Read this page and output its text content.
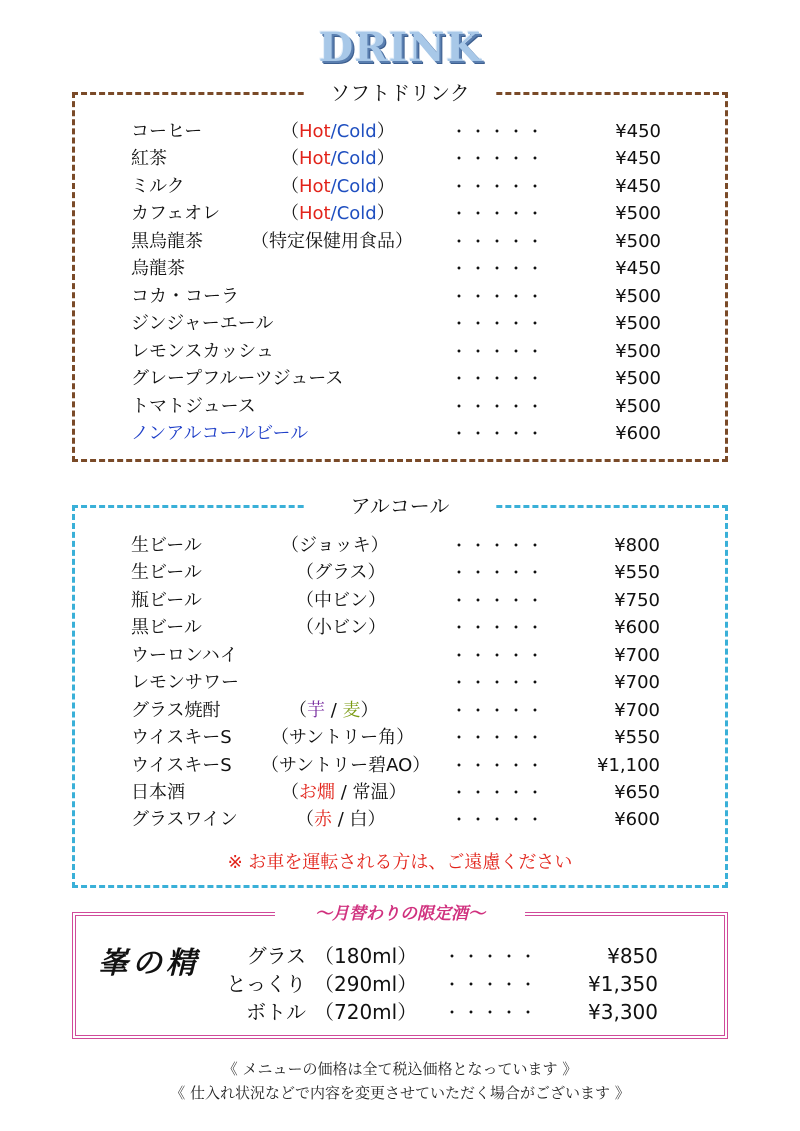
DRINK
ソフトドリンク
コーヒー	（Hot/Cold）	・・・・・	¥450
紅茶	（Hot/Cold）	・・・・・	¥450
ミルク	（Hot/Cold）	・・・・・	¥450
カフェオレ	（Hot/Cold）	・・・・・	¥500
黒烏龍茶	（特定保健用食品） ・・・・・	¥500
烏龍茶	・・・・・	¥450
コカ・コーラ	・・・・・	¥500
ジンジャーエール	・・・・・	¥500
レモンスカッシュ	・・・・・	¥500
グレープフルーツジュース	・・・・・	¥500
トマトジュース	・・・・・	¥500
ノンアルコールビール	・・・・・	¥600
アルコール
生ビール	（ジョッキ）	・・・・・	¥800
生ビール	（グラス）	・・・・・	¥550
瓶ビール	（中ビン）	・・・・・	¥750
黒ビール	（小ビン）	・・・・・	¥600
ウーロンハイ	・・・・・	¥700
レモンサワー	・・・・・	¥700
グラス焼酎	（芋 / 麦）	・・・・・	¥700
ウイスキーS （サントリー角） ・・・・・	¥550
ウイスキーS （サントリー碧AO） ・・・・・	¥1,100
日本酒	（お燗 / 常温）	・・・・・	¥650
グラスワイン	（赤 / 白）	・・・・・	¥600
※ お車を運転される方は、ご遠慮ください
〜月替わりの限定酒〜
峯の精	グラス （180ml） ・・・・・	¥850
とっくり （290ml） ・・・・・ ¥1,350
ボトル （720ml） ・・・・・ ¥3,300
《 メニューの価格は全て税込価格となっています 》
《 仕入れ状況などで内容を変更させていただく場合がございます 》
